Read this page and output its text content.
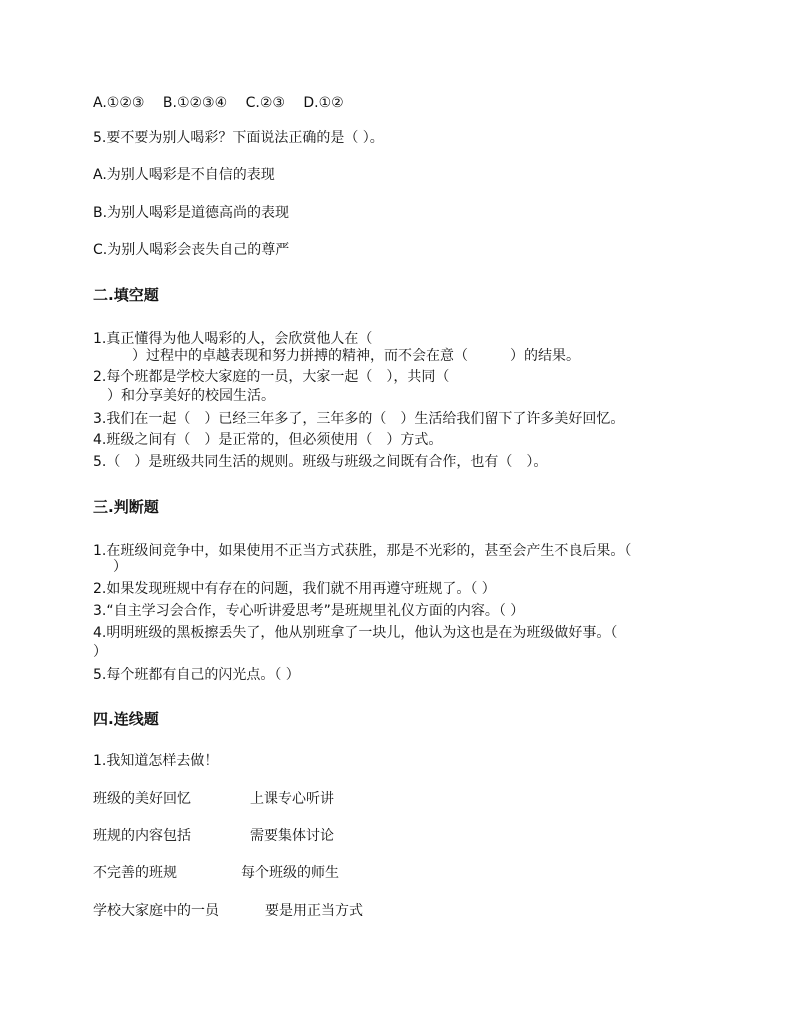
A.①②③　 B.①②③④　 C.②③　 D.①②
5.要不要为别人喝彩？下面说法正确的是（ ）。
A.为别人喝彩是不自信的表现
B.为别人喝彩是道德高尚的表现
C.为别人喝彩会丧失自己的尊严
二.填空题
1.真正懂得为他人喝彩的人，会欣赏他人在（
）过程中的卓越表现和努力拼搏的精神，而不会在意（　　　）的结果。
2.每个班都是学校大家庭的一员，大家一起（　），共同（
）和分享美好的校园生活。
3.我们在一起（　）已经三年多了，三年多的（　）生活给我们留下了许多美好回忆。
4.班级之间有（　）是正常的，但必须使用（　）方式。
5.（　）是班级共同生活的规则。班级与班级之间既有合作，也有（　）。
三.判断题
1.在班级间竞争中，如果使用不正当方式获胜，那是不光彩的，甚至会产生不良后果。（
）
2.如果发现班规中有存在的问题，我们就不用再遵守班规了。（ ）
3.“自主学习会合作，专心听讲爱思考”是班规里礼仪方面的内容。（ ）
4.明明班级的黑板擦丢失了，他从别班拿了一块儿，他认为这也是在为班级做好事。（
）
5.每个班都有自己的闪光点。（ ）
四.连线题
1.我知道怎样去做！
班级的美好回忆	上课专心听讲
班规的内容包括	需要集体讨论
不完善的班规	每个班级的师生
学校大家庭中的一员	要是用正当方式
